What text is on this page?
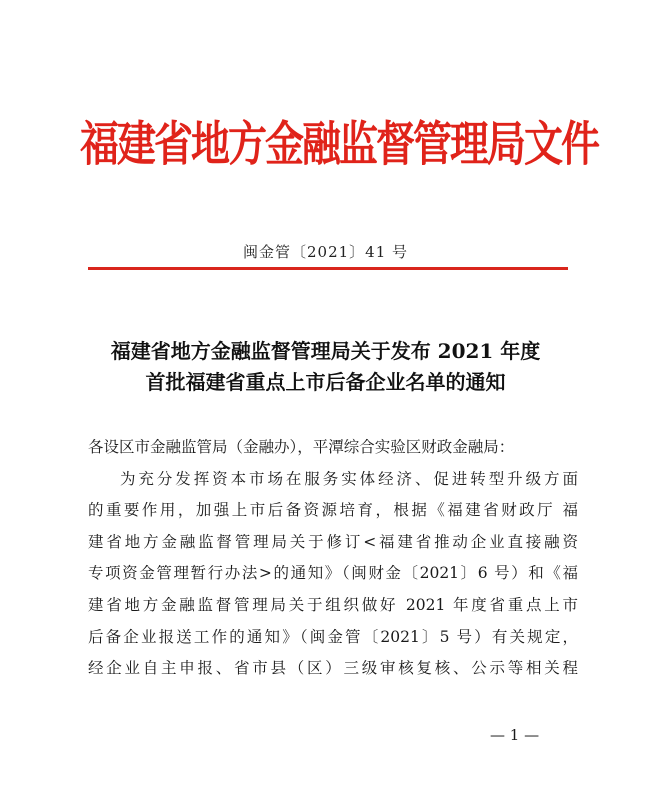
福建省地方金融监督管理局文件
闽金管〔2021〕41 号
福建省地方金融监督管理局关于发布 2021 年度
首批福建省重点上市后备企业名单的通知
各设区市金融监管局（金融办），平潭综合实验区财政金融局：
为充分发挥资本市场在服务实体经济、促进转型升级方面
的重要作用，加强上市后备资源培育，根据《福建省财政厅 福
建省地方金融监督管理局关于修订<福建省推动企业直接融资
专项资金管理暂行办法>的通知》（闽财金〔2021〕6 号）和《福
建省地方金融监督管理局关于组织做好 2021 年度省重点上市
后备企业报送工作的通知》（闽金管〔2021〕5 号）有关规定，
经企业自主申报、省市县（区）三级审核复核、公示等相关程
— 1 —
